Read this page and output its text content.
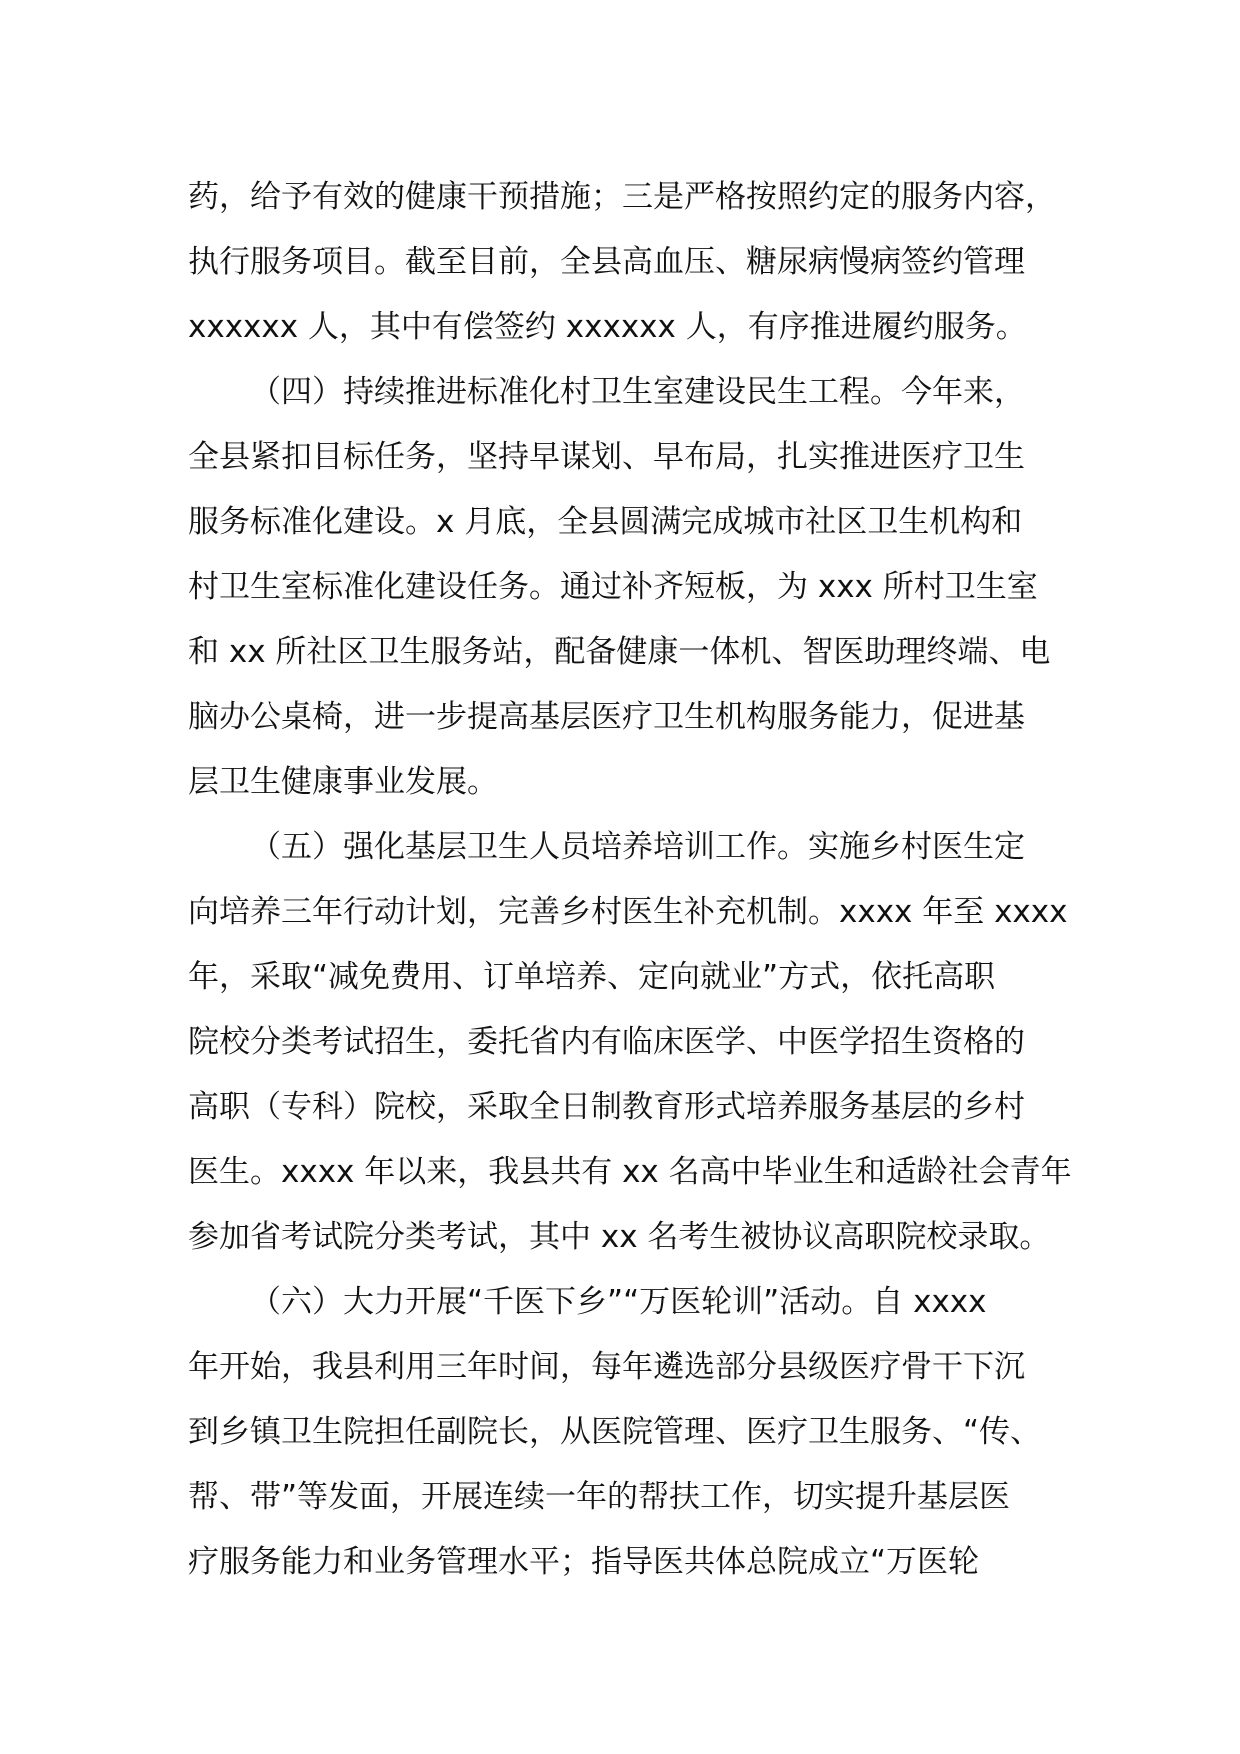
药，给予有效的健康干预措施；三是严格按照约定的服务内容，
执行服务项目。截至目前，全县高血压、糖尿病慢病签约管理
xxxxxx 人，其中有偿签约 xxxxxx 人，有序推进履约服务。
（四）持续推进标准化村卫生室建设民生工程。今年来，
全县紧扣目标任务，坚持早谋划、早布局，扎实推进医疗卫生
服务标准化建设。x 月底，全县圆满完成城市社区卫生机构和
村卫生室标准化建设任务。通过补齐短板，为 xxx 所村卫生室
和 xx 所社区卫生服务站，配备健康一体机、智医助理终端、电
脑办公桌椅，进一步提高基层医疗卫生机构服务能力，促进基
层卫生健康事业发展。
（五）强化基层卫生人员培养培训工作。实施乡村医生定
向培养三年行动计划，完善乡村医生补充机制。xxxx 年至 xxxx
年，采取“减免费用、订单培养、定向就业”方式，依托高职
院校分类考试招生，委托省内有临床医学、中医学招生资格的
高职（专科）院校，采取全日制教育形式培养服务基层的乡村
医生。xxxx 年以来，我县共有 xx 名高中毕业生和适龄社会青年
参加省考试院分类考试，其中 xx 名考生被协议高职院校录取。
（六）大力开展“千医下乡”“万医轮训”活动。自 xxxx
年开始，我县利用三年时间，每年遴选部分县级医疗骨干下沉
到乡镇卫生院担任副院长，从医院管理、医疗卫生服务、“传、
帮、带”等发面，开展连续一年的帮扶工作，切实提升基层医
疗服务能力和业务管理水平；指导医共体总院成立“万医轮
